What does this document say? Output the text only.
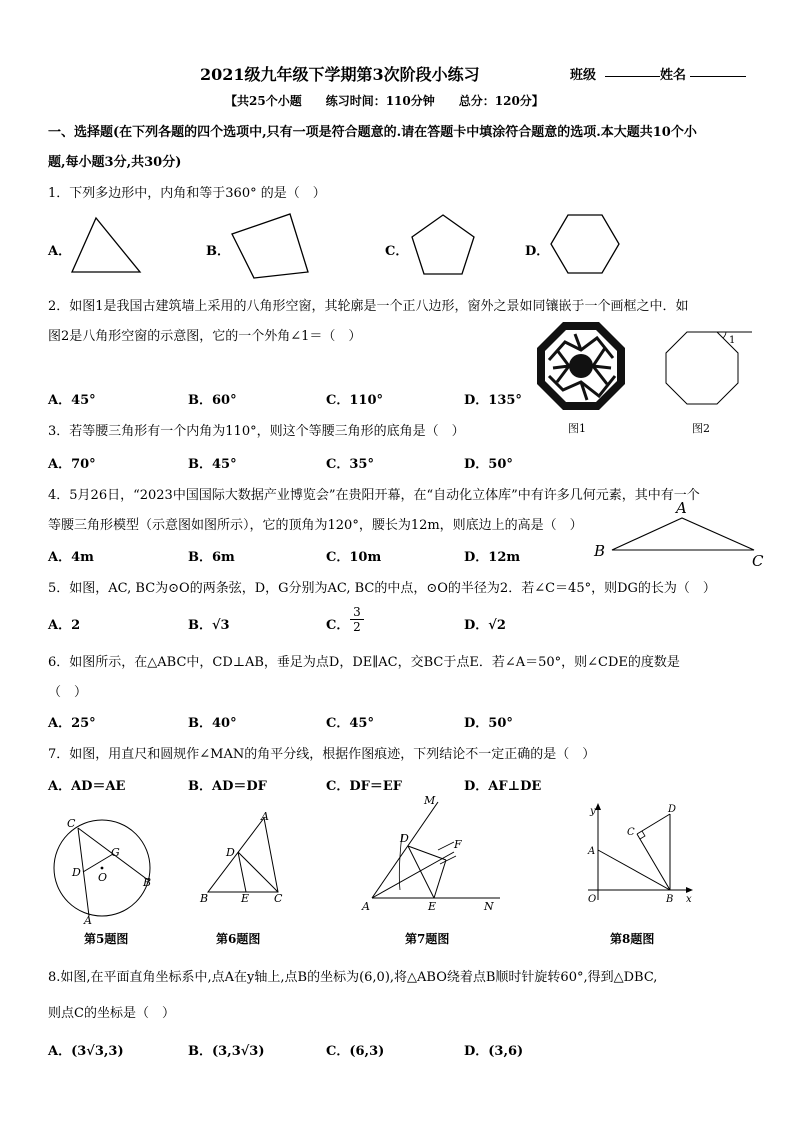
2021级九年级下学期第3次阶段小练习	班级	姓名
【共25个小题　　练习时间：110分钟　　总分：120分】
一、选择题(在下列各题的四个选项中,只有一项是符合题意的.请在答题卡中填涂符合题意的选项.本大题共10个小
题,每小题3分,共30分)
1．下列多边形中，内角和等于360° 的是（　）
A．	B．	C．	D．
2．如图1是我国古建筑墙上采用的八角形空窗，其轮廓是一个正八边形，窗外之景如同镶嵌于一个画框之中．如
图2是八角形空窗的示意图，它的一个外角∠1＝（　）
A．45°	B．60°	C．110°	D．135°
1
图1	图2
3．若等腰三角形有一个内角为110°，则这个等腰三角形的底角是（　）
A．70°	B．45°	C．35°	D．50°
4．5月26日，“2023中国国际大数据产业博览会”在贵阳开幕，在“自动化立体库”中有许多几何元素，其中有一个
等腰三角形模型（示意图如图所示），它的顶角为120°，腰长为12m，则底边上的高是（　）
A．4m	B．6m	C．10m	D．12m
A
B
C
5．如图，AC, BC为⊙O的两条弦，D，G分别为AC, BC的中点，⊙O的半径为2．若∠C＝45°，则DG的长为（　）
A．2	B．√3	C． $\frac{3}{2}$	D．√2
6．如图所示，在△ABC中，CD⊥AB，垂足为点D，DE∥AC，交BC于点E．若∠A＝50°，则∠CDE的度数是
（　）
A．25°	B．40°	C．45°	D．50°
7．如图，用直尺和圆规作∠MAN的角平分线，根据作图痕迹，下列结论不一定正确的是（　）
A．AD＝AE	B．AD＝DF	C．DF＝EF	D．AF⊥DE
C
G
D O	B
A
A
D
B	E C
M
D	F
A	E	N
y	D
C
A
O	B x
第5题图	第6题图	第7题图	第8题图
8.如图,在平面直角坐标系中,点A在y轴上,点B的坐标为(6,0),将△ABO绕着点B顺时针旋转60°,得到△DBC,
则点C的坐标是（　）
A．(3√3,3)	B．(3,3√3)	C．(6,3)	D．(3,6)
